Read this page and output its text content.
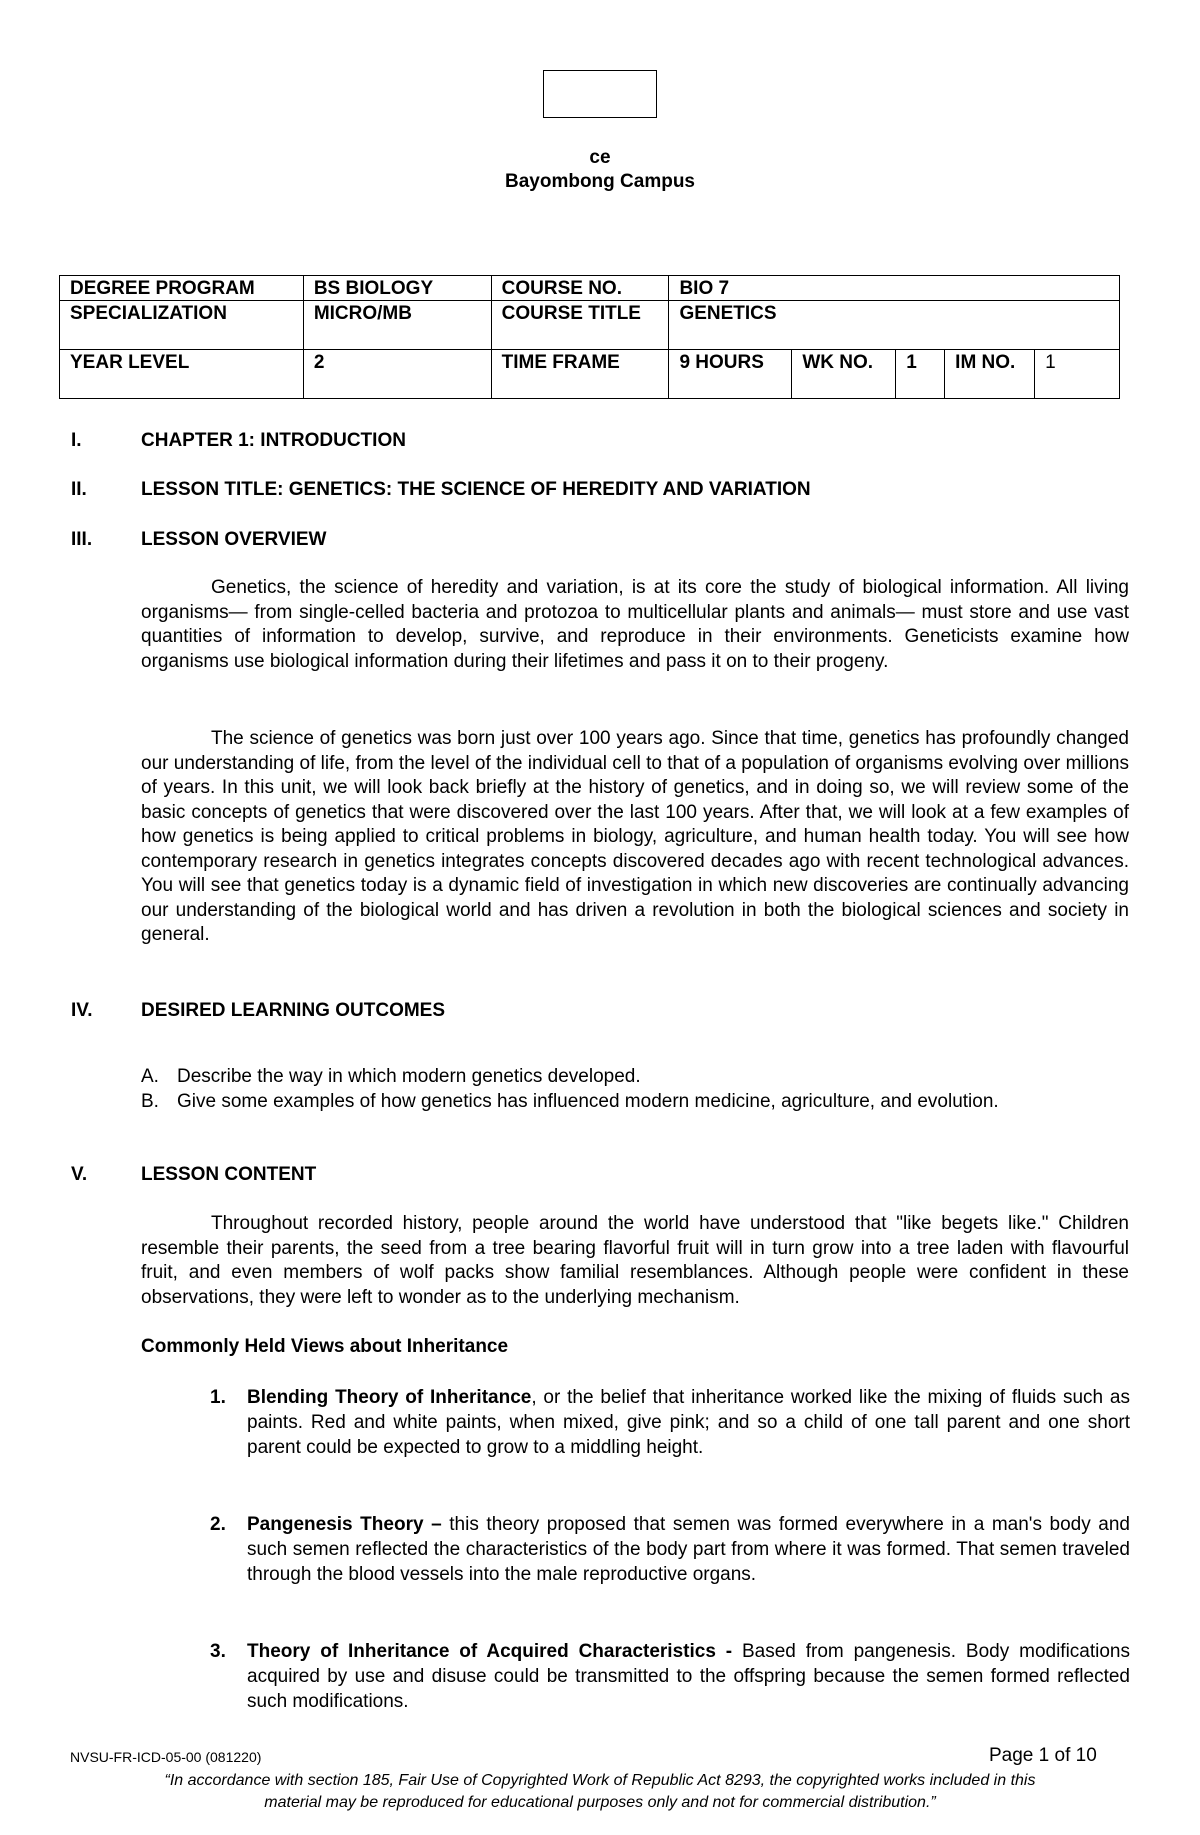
ce
Bayombong Campus
DEGREE PROGRAM	BS BIOLOGY	COURSE NO.	BIO 7				
SPECIALIZATION	MICRO/MB	COURSE TITLE	GENETICS				
YEAR LEVEL	2	TIME FRAME	9 HOURS	WK NO.	1	IM NO.	1
I.	CHAPTER 1: INTRODUCTION
II.	LESSON TITLE: GENETICS: THE SCIENCE OF HEREDITY AND VARIATION
III.	LESSON OVERVIEW

Genetics, the science of heredity and variation, is at its core the study of biological information. All living organisms— from single-celled bacteria and protozoa to multicellular plants and animals— must store and use vast quantities of information to develop, survive, and reproduce in their environments. Geneticists examine how organisms use biological information during their lifetimes and pass it on to their progeny.

The science of genetics was born just over 100 years ago. Since that time, genetics has profoundly changed our understanding of life, from the level of the individual cell to that of a population of organisms evolving over millions of years. In this unit, we will look back briefly at the history of genetics, and in doing so, we will review some of the basic concepts of genetics that were discovered over the last 100 years. After that, we will look at a few examples of how genetics is being applied to critical problems in biology, agriculture, and human health today. You will see how contemporary research in genetics integrates concepts discovered decades ago with recent technological advances. You will see that genetics today is a dynamic field of investigation in which new discoveries are continually advancing our understanding of the biological world and has driven a revolution in both the biological sciences and society in general.

IV.	DESIRED LEARNING OUTCOMES
A. Describe the way in which modern genetics developed.
B. Give some examples of how genetics has influenced modern medicine, agriculture, and evolution.
V.	LESSON CONTENT

Throughout recorded history, people around the world have understood that "like begets like." Children resemble their parents, the seed from a tree bearing flavorful fruit will in turn grow into a tree laden with flavourful fruit, and even members of wolf packs show familial resemblances. Although people were confident in these observations, they were left to wonder as to the underlying mechanism.

Commonly Held Views about Inheritance
1. Blending Theory of Inheritance, or the belief that inheritance worked like the mixing of fluids such as paints. Red and white paints, when mixed, give pink; and so a child of one tall parent and one short parent could be expected to grow to a middling height.
2. Pangenesis Theory – this theory proposed that semen was formed everywhere in a man's body and such semen reflected the characteristics of the body part from where it was formed. That semen traveled through the blood vessels into the male reproductive organs.
3. Theory of Inheritance of Acquired Characteristics - Based from pangenesis. Body modifications acquired by use and disuse could be transmitted to the offspring because the semen formed reflected such modifications.
NVSU-FR-ICD-05-00 (081220)	Page 1 of 10
“In accordance with section 185, Fair Use of Copyrighted Work of Republic Act 8293, the copyrighted works included in this
material may be reproduced for educational purposes only and not for commercial distribution.”
